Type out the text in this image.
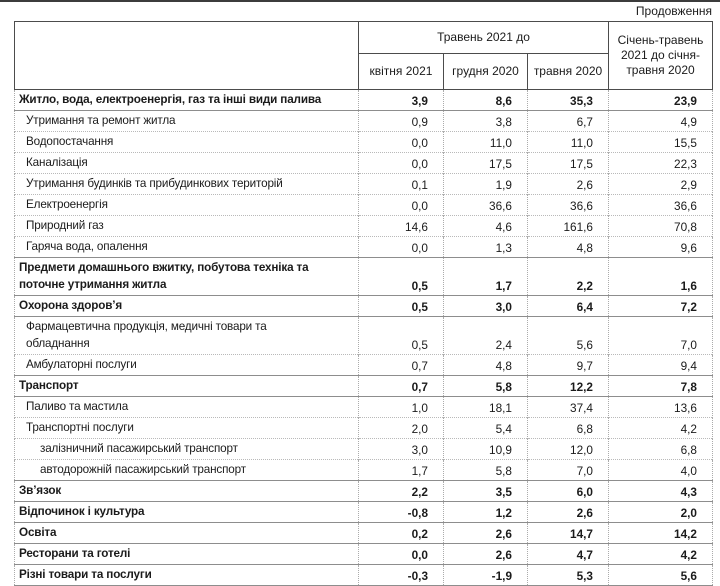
Продовження
	Травень 2021 до			Січень-травень 2021 до січня-травня 2020
	квітня 2021	грудня 2020	травня 2020	
Житло, вода, електроенергія, газ та інші види палива	3,9	8,6	35,3	23,9
Утримання та ремонт житла	0,9	3,8	6,7	4,9
Водопостачання	0,0	11,0	11,0	15,5
Каналізація	0,0	17,5	17,5	22,3
Утримання будинків та прибудинкових територій	0,1	1,9	2,6	2,9
Електроенергія	0,0	36,6	36,6	36,6
Природний газ	14,6	4,6	161,6	70,8
Гаряча вода, опалення	0,0	1,3	4,8	9,6
Предмети домашнього вжитку, побутова техніка та
поточне утримання житла	0,5	1,7	2,2	1,6
Охорона здоров’я	0,5	3,0	6,4	7,2
Фармацевтична продукція, медичні товари та
обладнання	0,5	2,4	5,6	7,0
Амбулаторні послуги	0,7	4,8	9,7	9,4
Транспорт	0,7	5,8	12,2	7,8
Паливо та мастила	1,0	18,1	37,4	13,6
Транспортні послуги	2,0	5,4	6,8	4,2
залізничний пасажирський транспорт	3,0	10,9	12,0	6,8
автодорожній пасажирський транспорт	1,7	5,8	7,0	4,0
Зв’язок	2,2	3,5	6,0	4,3
Відпочинок і культура	-0,8	1,2	2,6	2,0
Освіта	0,2	2,6	14,7	14,2
Ресторани та готелі	0,0	2,6	4,7	4,2
Різні товари та послуги	-0,3	-1,9	5,3	5,6
